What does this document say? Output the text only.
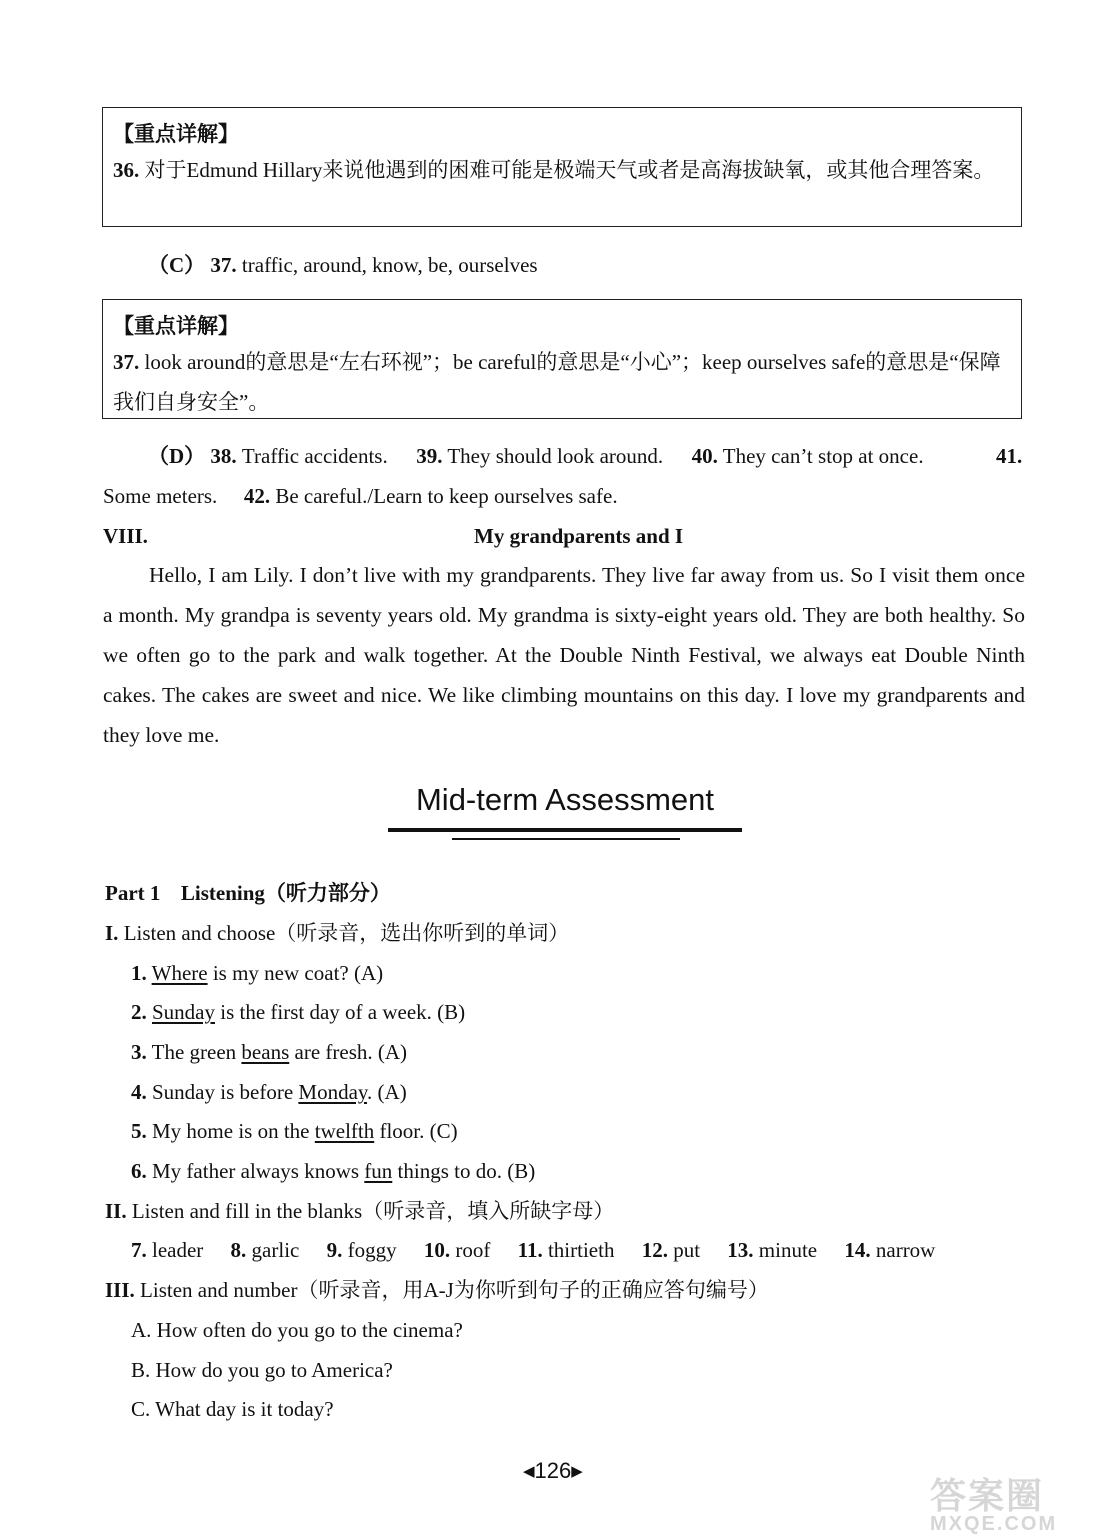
【重点详解】
36. 对于Edmund Hillary来说他遇到的困难可能是极端天气或者是高海拔缺氧，或其他合理答案。
（C） 37. traffic, around, know, be, ourselves
【重点详解】
37. look around的意思是“左右环视”；be careful的意思是“小心”；keep ourselves safe的意思是“保障我们自身安全”。
（D） 38. Traffic accidents. 39. They should look around. 40. They can’t stop at once.	41.
Some meters. 42. Be careful./Learn to keep ourselves safe.
VIII.	My grandparents and I
Hello, I am Lily. I don’t live with my grandparents. They live far away from us. So I visit them once a month. My grandpa is seventy years old. My grandma is sixty-eight years old. They are both healthy. So we often go to the park and walk together. At the Double Ninth Festival, we always eat Double Ninth cakes. The cakes are sweet and nice. We like climbing mountains on this day. I love my grandparents and they love me.
Mid-term Assessment
Part 1 Listening（听力部分）
I. Listen and choose（听录音，选出你听到的单词）
1. Where is my new coat? (A)
2. Sunday is the first day of a week. (B)
3. The green beans are fresh. (A)
4. Sunday is before Monday. (A)
5. My home is on the twelfth floor. (C)
6. My father always knows fun things to do. (B)
II. Listen and fill in the blanks（听录音，填入所缺字母）
7. leader 8. garlic 9. foggy 10. roof 11. thirtieth 12. put 13. minute 14. narrow
III. Listen and number（听录音，用A-J为你听到句子的正确应答句编号）
A. How often do you go to the cinema?
B. How do you go to America?
C. What day is it today?
◀126▶
答案圈
MXQE.COM
